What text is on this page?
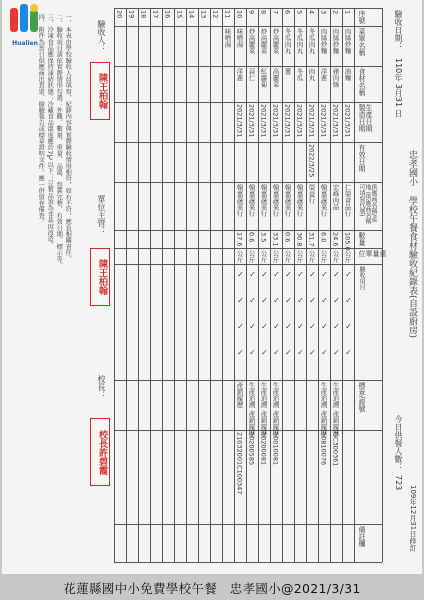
Hualien
忠孝國小
學校午餐食材驗收紀錄表(自設廚房)
驗收日期：
110年 3月31 日
今日供餐人數：
723
109年12月31日修訂
序號
菜單名稱
食材名稱
生產日期 製造日期
有效日期
供應商名稱/產地 (供應商名稱可填寫代號)
數量
重量 單位
驗收項目
標章/證號
備註欄
1
肉絲炒麵
油麵
2021/3/31
仁榮食品行
105.0
公斤
✓
✓
✓
✓
2
肉絲炒麵
豬肉絲
2021/3/31
宏峰肉品
24.6
公斤
生產追溯 產銷履歷
GC300361
✓
✓
✓
✓
3
肉絲炒麵
洋蔥
2021/3/31
翰嘉蔬菜行
6.0
公斤
生產追溯 產銷履歷
10810076
✓
✓
✓
✓
4
冬瓜肉丸
肉丸
2021/3/31
2022/3/25
榮益行
31.7
公斤
✓
✓
✓
✓
5
冬瓜肉丸
冬瓜
2021/3/31
翰嘉蔬菜行
30.8
公斤
✓
✓
✓
✓
6
冬瓜肉丸
薑
2021/3/31
翰嘉蔬菜行
0.6
公斤
✓
✓
✓
✓
7
炒高麗菜
高麗菜
2021/3/31
翰嘉蔬菜行
33.1
公斤
生產追溯 產銷履歷
10010081
✓
✓
✓
✓
8
炒高麗菜
紅蘿蔔
2021/3/31
翰嘉蔬菜行
3.5
公斤
生產追溯 產銷履歷
10200081
✓
✓
✓
✓
9
炒高麗菜
蒜仁
2021/3/31
翰嘉蔬菜行
0.6
公斤
生產追溯 產銷履歷
10200585
✓
✓
✓
✓
10
味噌湯
洋蔥
2021/3/31
翰嘉蔬菜行
17.6
公斤
產銷履歷
21032001C100347
✓
✓
✓
✓
11
味噌湯
12
13
14
15
16
17
18
19
20
驗收人：
陳王柏翰
單位主管：
陳王柏翰
校長：
校長許碧霞
一、本表由學校驗收人員填寫，紀錄內容與實際驗收情形相符，如有不符，應負相關責任。
二、驗收項目請依實際情形勾選：外觀、數量、重量、品溫、包裝完整、有效日期、標示等。
三、冷凍食品應保持凍結狀態；冷藏食品溫度應於7℃以下；豆製品須為非基因改造。
四、附件為當日供應商出貨單、檢驗報告或標章證明文件，應一併留存備查。
花蓮縣國中小免費學校午餐　忠孝國小@2021/3/31
